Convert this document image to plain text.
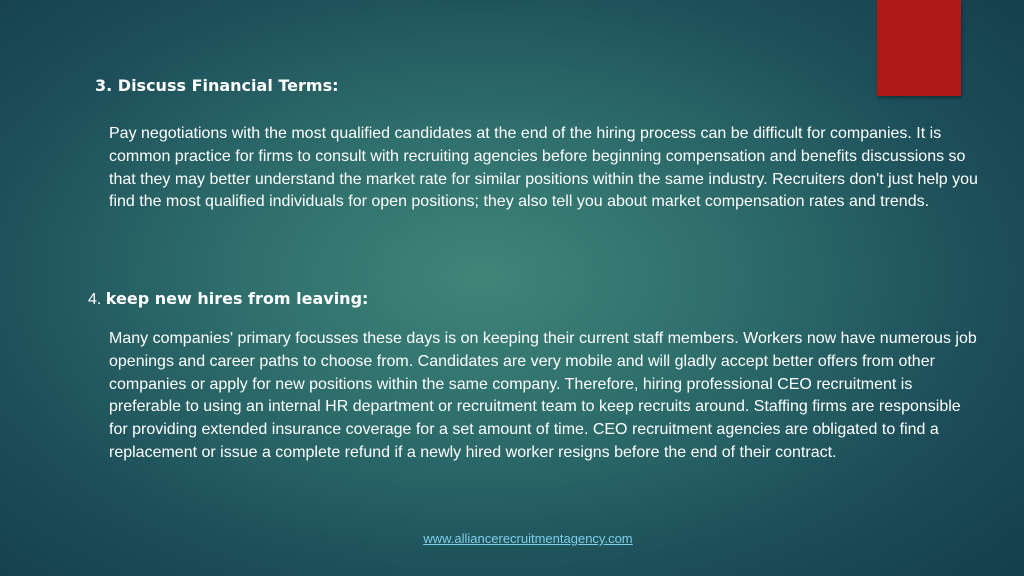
3. Discuss Financial Terms:

Pay negotiations with the most qualified candidates at the end of the hiring process can be difficult for companies. It is common practice for firms to consult with recruiting agencies before beginning compensation and benefits discussions so that they may better understand the market rate for similar positions within the same industry. Recruiters don't just help you find the most qualified individuals for open positions; they also tell you about market compensation rates and trends.

4. keep new hires from leaving:

Many companies' primary focusses these days is on keeping their current staff members. Workers now have numerous job openings and career paths to choose from. Candidates are very mobile and will gladly accept better offers from other companies or apply for new positions within the same company. Therefore, hiring professional CEO recruitment is preferable to using an internal HR department or recruitment team to keep recruits around. Staffing firms are responsible for providing extended insurance coverage for a set amount of time. CEO recruitment agencies are obligated to find a replacement or issue a complete refund if a newly hired worker resigns before the end of their contract.

www.alliancerecruitmentagency.com
